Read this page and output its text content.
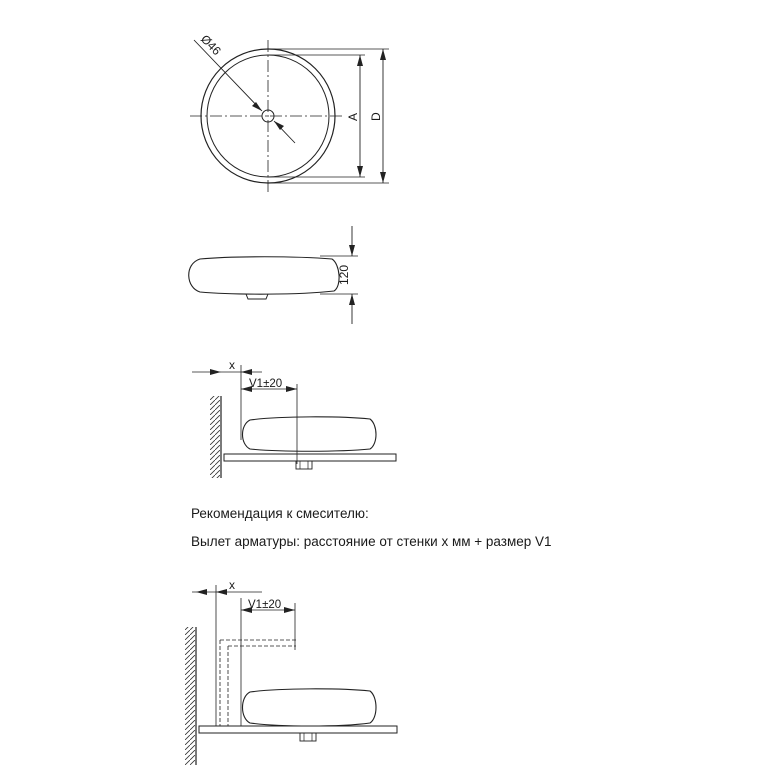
Ø46
A D
120
x
V1±20
x
V1±20
Рекомендация к смесителю:
Вылет арматуры: расстояние от стенки x мм + размер V1
